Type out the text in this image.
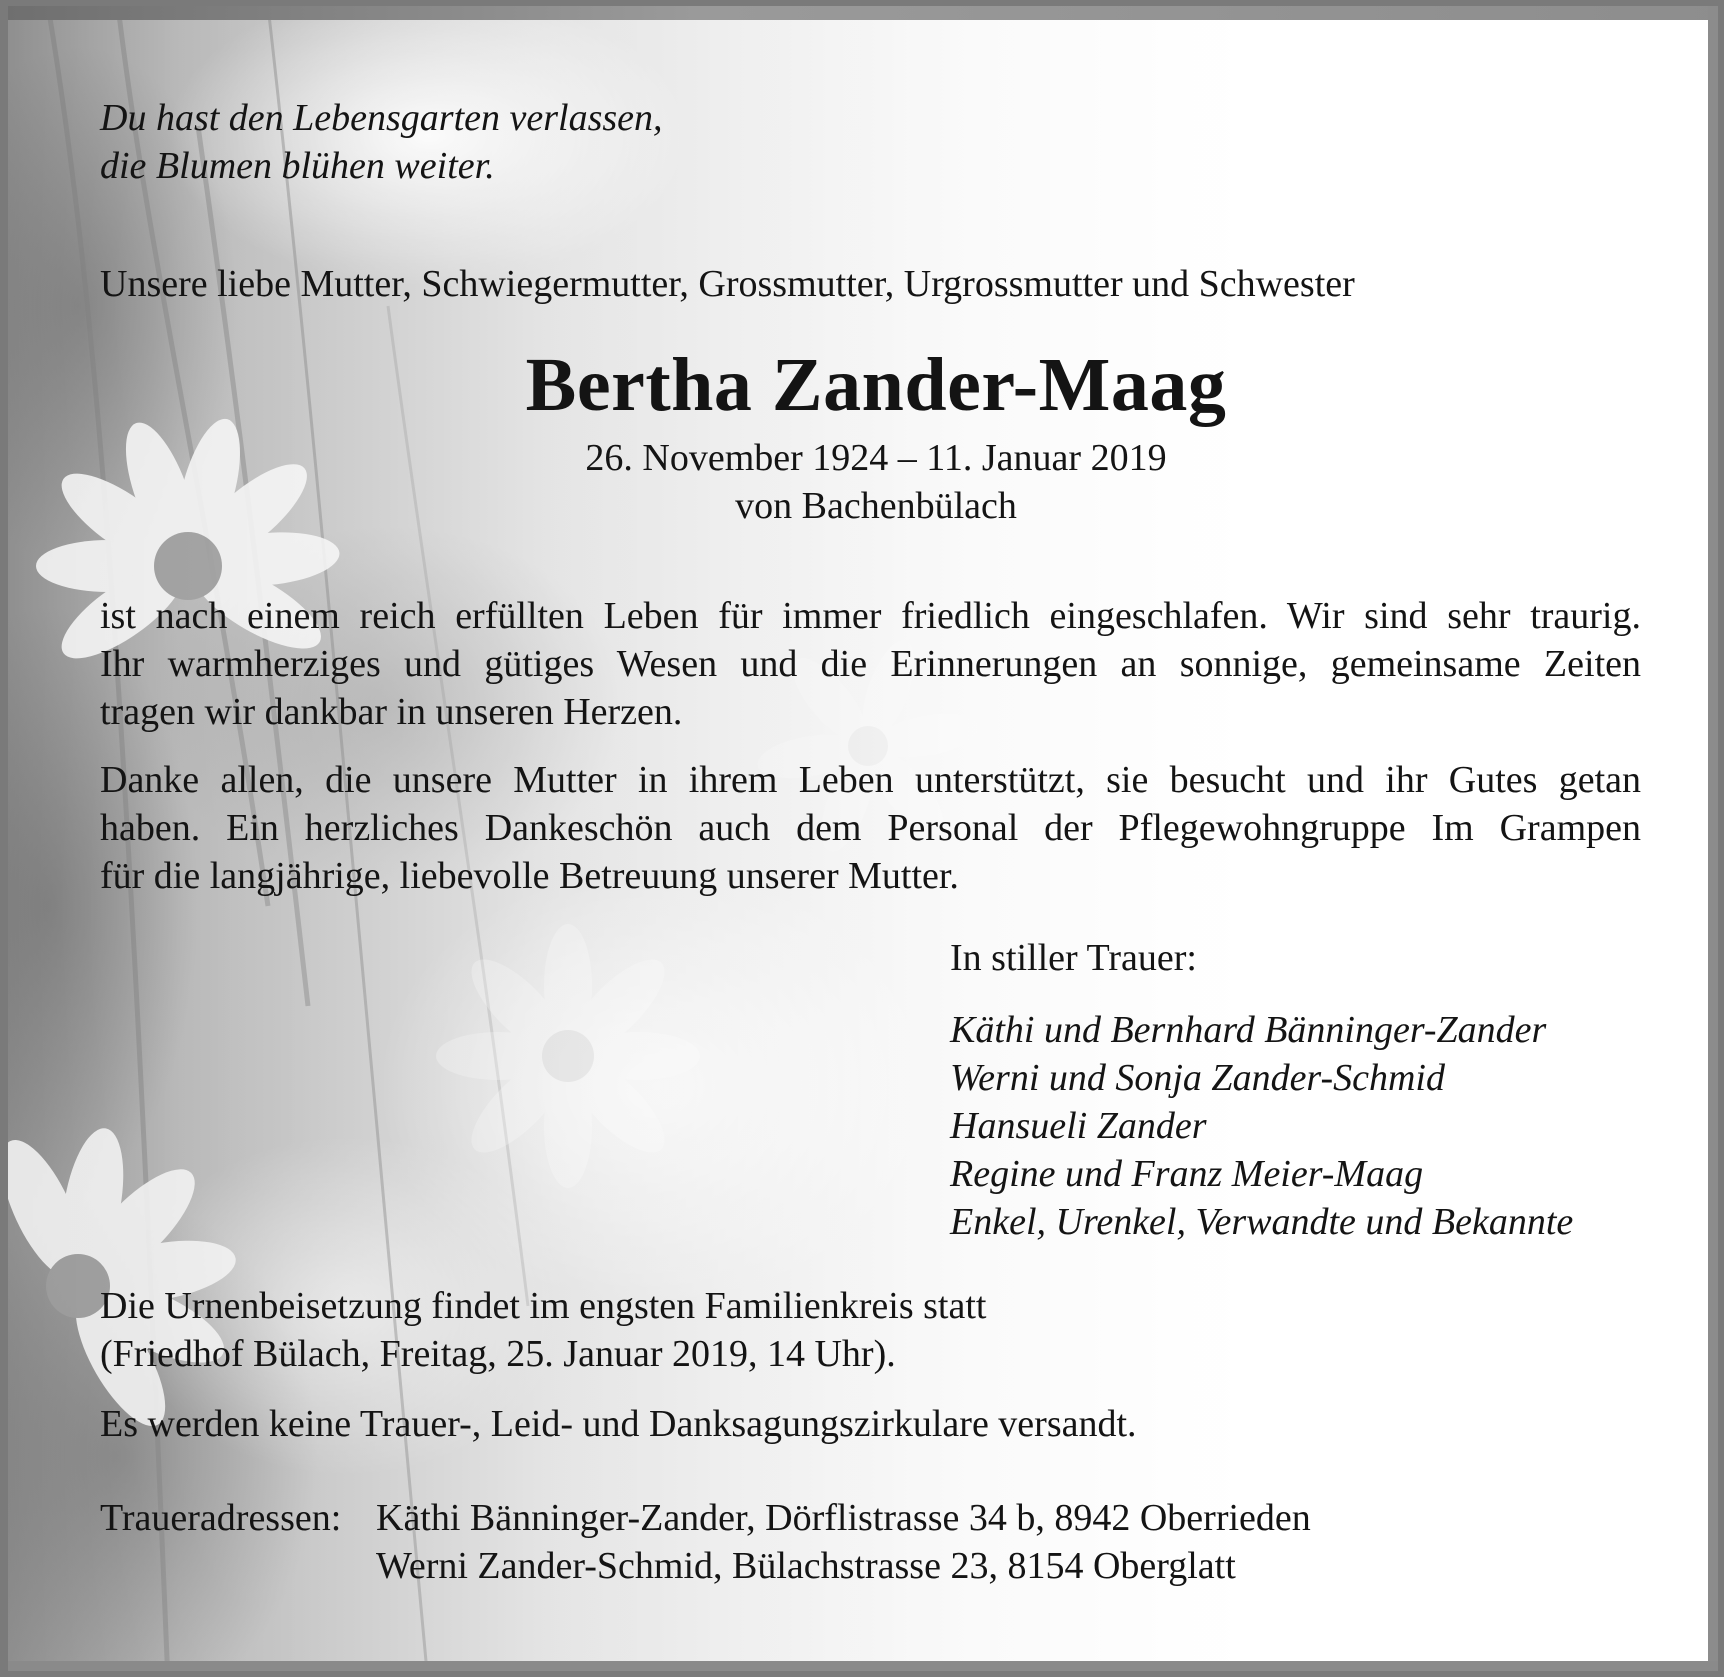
Du hast den Lebensgarten verlassen,
die Blumen blühen weiter.
Unsere liebe Mutter, Schwiegermutter, Grossmutter, Urgrossmutter und Schwester
Bertha Zander-Maag
26. November 1924 – 11. Januar 2019
von Bachenbülach
ist nach einem reich erfüllten Leben für immer friedlich eingeschlafen. Wir sind sehr traurig.
Ihr warmherziges und gütiges Wesen und die Erinnerungen an sonnige, gemeinsame Zeiten
tragen wir dankbar in unseren Herzen.
Danke allen, die unsere Mutter in ihrem Leben unterstützt, sie besucht und ihr Gutes getan
haben. Ein herzliches Dankeschön auch dem Personal der Pflegewohngruppe Im Grampen
für die langjährige, liebevolle Betreuung unserer Mutter.
In stiller Trauer:
Käthi und Bernhard Bänninger-Zander
Werni und Sonja Zander-Schmid
Hansueli Zander
Regine und Franz Meier-Maag
Enkel, Urenkel, Verwandte und Bekannte
Die Urnenbeisetzung findet im engsten Familienkreis statt
(Friedhof Bülach, Freitag, 25. Januar 2019, 14 Uhr).
Es werden keine Trauer-, Leid- und Danksagungszirkulare versandt.
Traueradressen: Käthi Bänninger-Zander, Dörflistrasse 34 b, 8942 Oberrieden
Werni Zander-Schmid, Bülachstrasse 23, 8154 Oberglatt
